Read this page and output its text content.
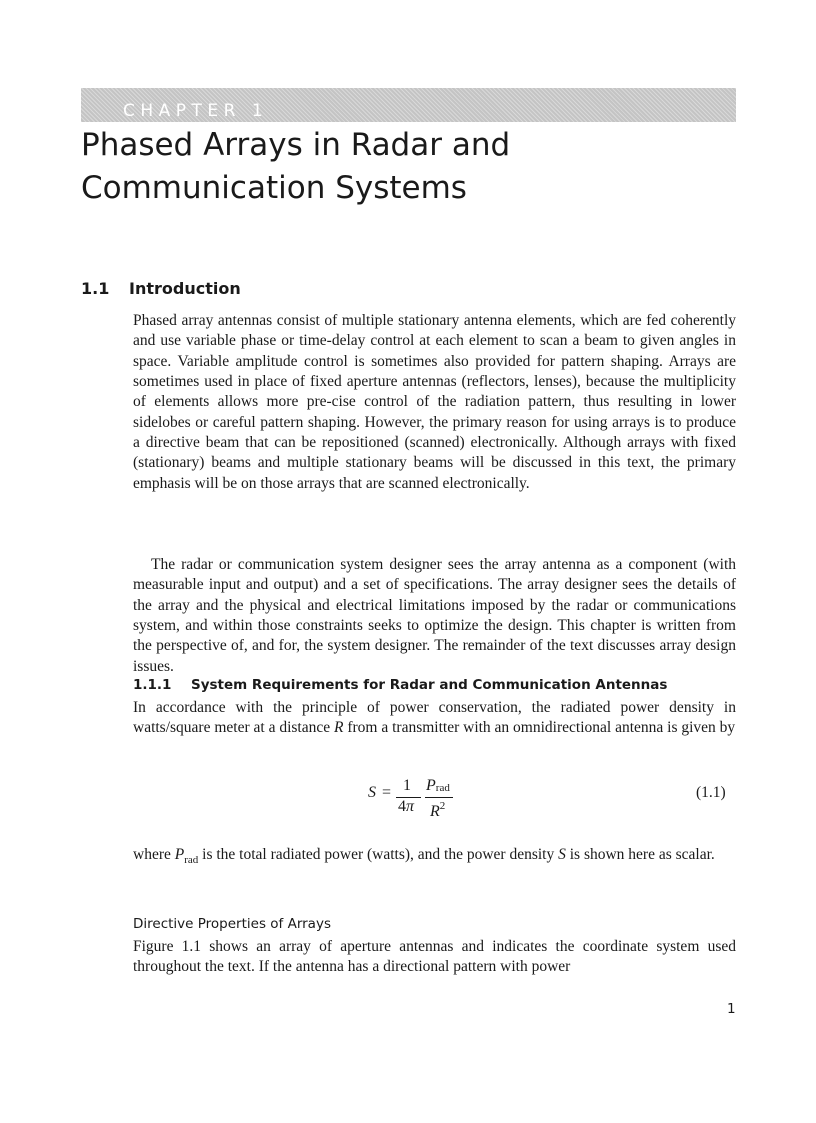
CHAPTER 1
Phased Arrays in Radar and
Communication Systems
1.1 Introduction

Phased array antennas consist of multiple stationary antenna elements, which are fed coherently and use variable phase or time-delay control at each element to scan a beam to given angles in space. Variable amplitude control is sometimes also provided for pattern shaping. Arrays are sometimes used in place of fixed aperture antennas (reflectors, lenses), because the multiplicity of elements allows more pre-cise control of the radiation pattern, thus resulting in lower sidelobes or careful pattern shaping. However, the primary reason for using arrays is to produce a directive beam that can be repositioned (scanned) electronically. Although arrays with fixed (stationary) beams and multiple stationary beams will be discussed in this text, the primary emphasis will be on those arrays that are scanned electronically.

The radar or communication system designer sees the array antenna as a component (with measurable input and output) and a set of specifications. The array designer sees the details of the array and the physical and electrical limitations imposed by the radar or communications system, and within those constraints seeks to optimize the design. This chapter is written from the perspective of, and for, the system designer. The remainder of the text discusses array design issues.

1.1.1 System Requirements for Radar and Communication Antennas

In accordance with the principle of power conservation, the radiated power density in watts/square meter at a distance R from a transmitter with an omnidirectional antenna is given by

S = 1
4π
$P_{rad}$
$R^2$
(1.1)

where $P_{rad}$ is the total radiated power (watts), and the power density S is shown here as scalar.

Directive Properties of Arrays

Figure 1.1 shows an array of aperture antennas and indicates the coordinate system used throughout the text. If the antenna has a directional pattern with power

1
